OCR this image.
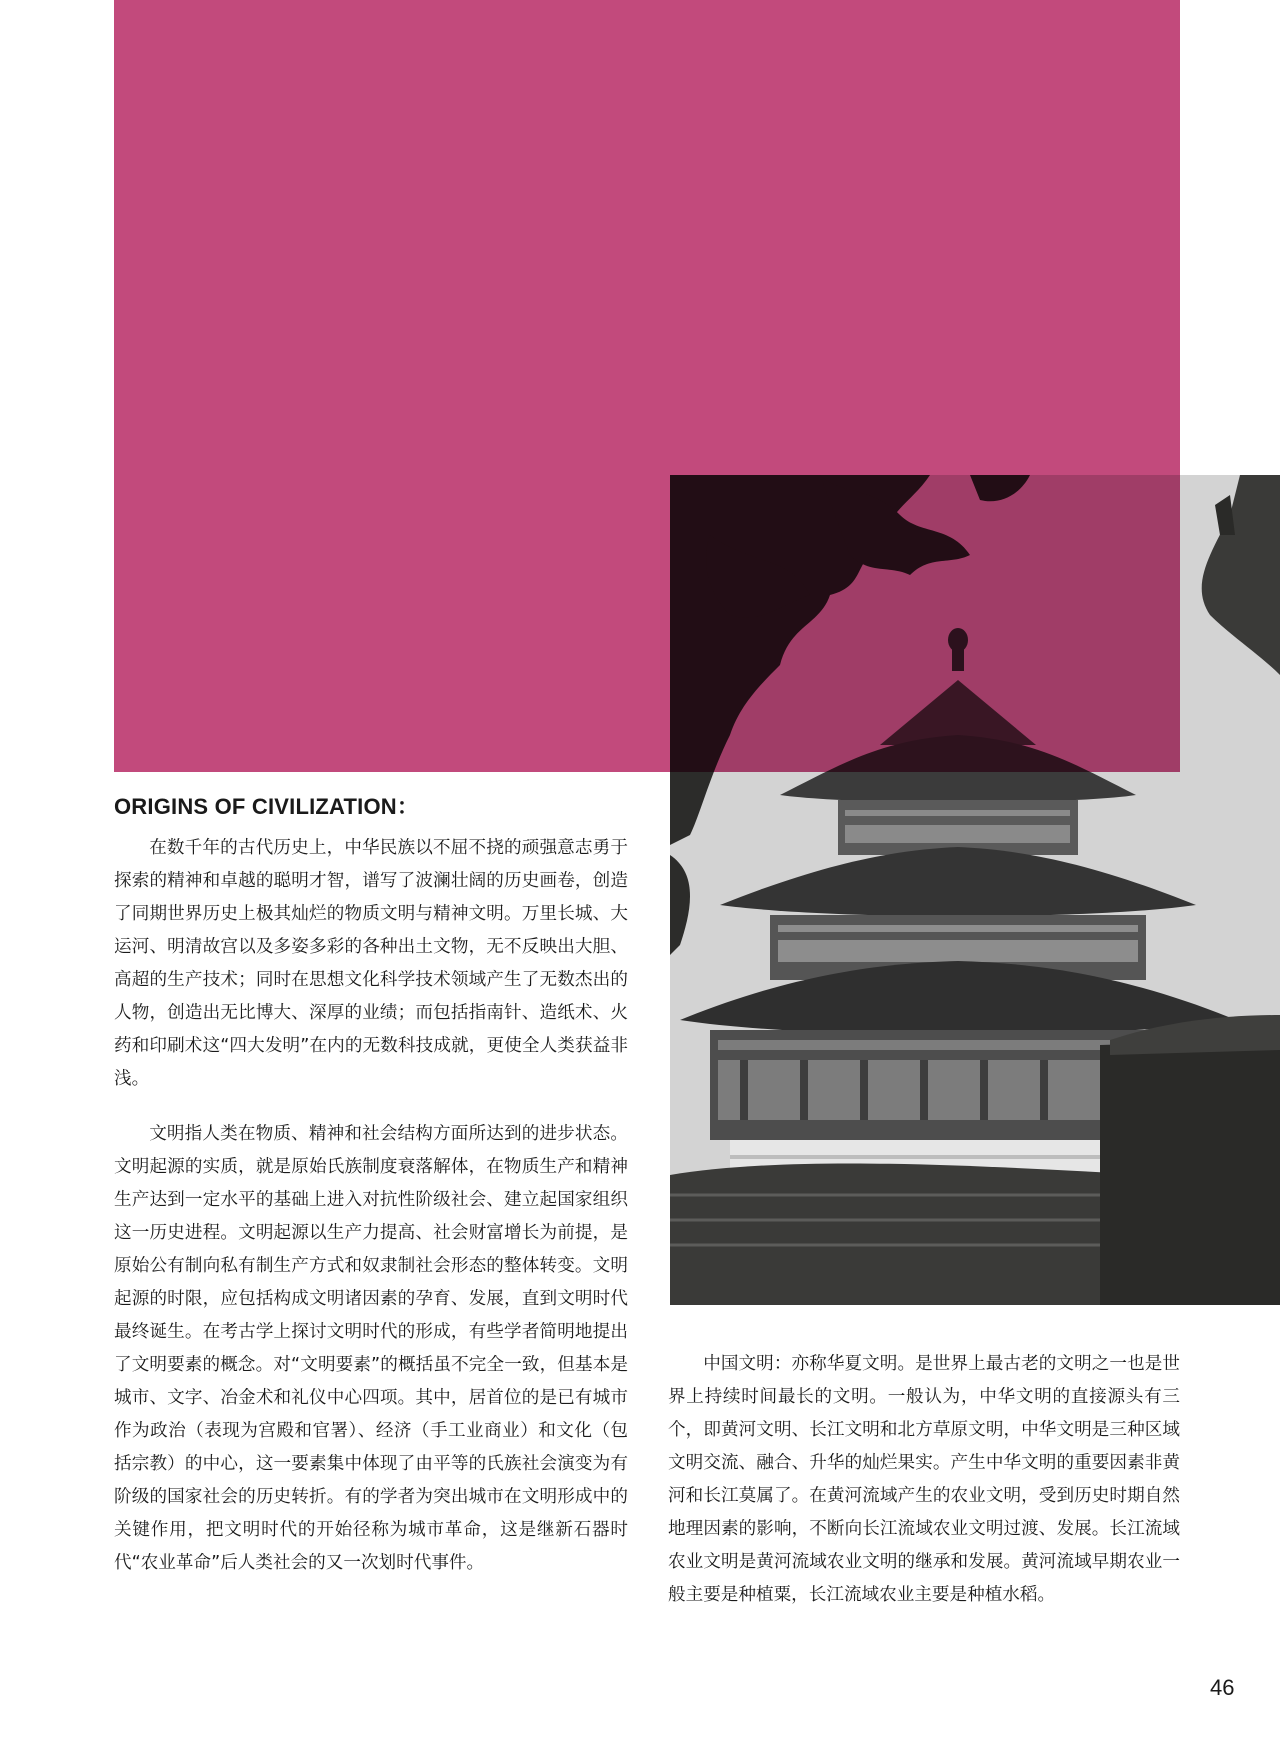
ORIGINS OF CIVILIZATION：

在数千年的古代历史上，中华民族以不屈不挠的顽强意志勇于探索的精神和卓越的聪明才智，谱写了波澜壮阔的历史画卷，创造了同期世界历史上极其灿烂的物质文明与精神文明。万里长城、大运河、明清故宫以及多姿多彩的各种出土文物，无不反映出大胆、高超的生产技术；同时在思想文化科学技术领域产生了无数杰出的人物，创造出无比博大、深厚的业绩；而包括指南针、造纸术、火药和印刷术这“四大发明”在内的无数科技成就，更使全人类获益非浅。

文明指人类在物质、精神和社会结构方面所达到的进步状态。文明起源的实质，就是原始氏族制度衰落解体，在物质生产和精神生产达到一定水平的基础上进入对抗性阶级社会、建立起国家组织这一历史进程。文明起源以生产力提高、社会财富增长为前提，是原始公有制向私有制生产方式和奴隶制社会形态的整体转变。文明起源的时限，应包括构成文明诸因素的孕育、发展，直到文明时代最终诞生。在考古学上探讨文明时代的形成，有些学者简明地提出了文明要素的概念。对“文明要素”的概括虽不完全一致，但基本是城市、文字、冶金术和礼仪中心四项。其中，居首位的是已有城市作为政治（表现为宫殿和官署）、经济（手工业商业）和文化（包括宗教）的中心，这一要素集中体现了由平等的氏族社会演变为有阶级的国家社会的历史转折。有的学者为突出城市在文明形成中的关键作用，把文明时代的开始径称为城市革命，这是继新石器时代“农业革命”后人类社会的又一次划时代事件。

中国文明：亦称华夏文明。是世界上最古老的文明之一也是世界上持续时间最长的文明。一般认为，中华文明的直接源头有三个，即黄河文明、长江文明和北方草原文明，中华文明是三种区域文明交流、融合、升华的灿烂果实。产生中华文明的重要因素非黄河和长江莫属了。在黄河流域产生的农业文明，受到历史时期自然地理因素的影响，不断向长江流域农业文明过渡、发展。长江流域农业文明是黄河流域农业文明的继承和发展。黄河流域早期农业一般主要是种植粟，长江流域农业主要是种植水稻。

46
